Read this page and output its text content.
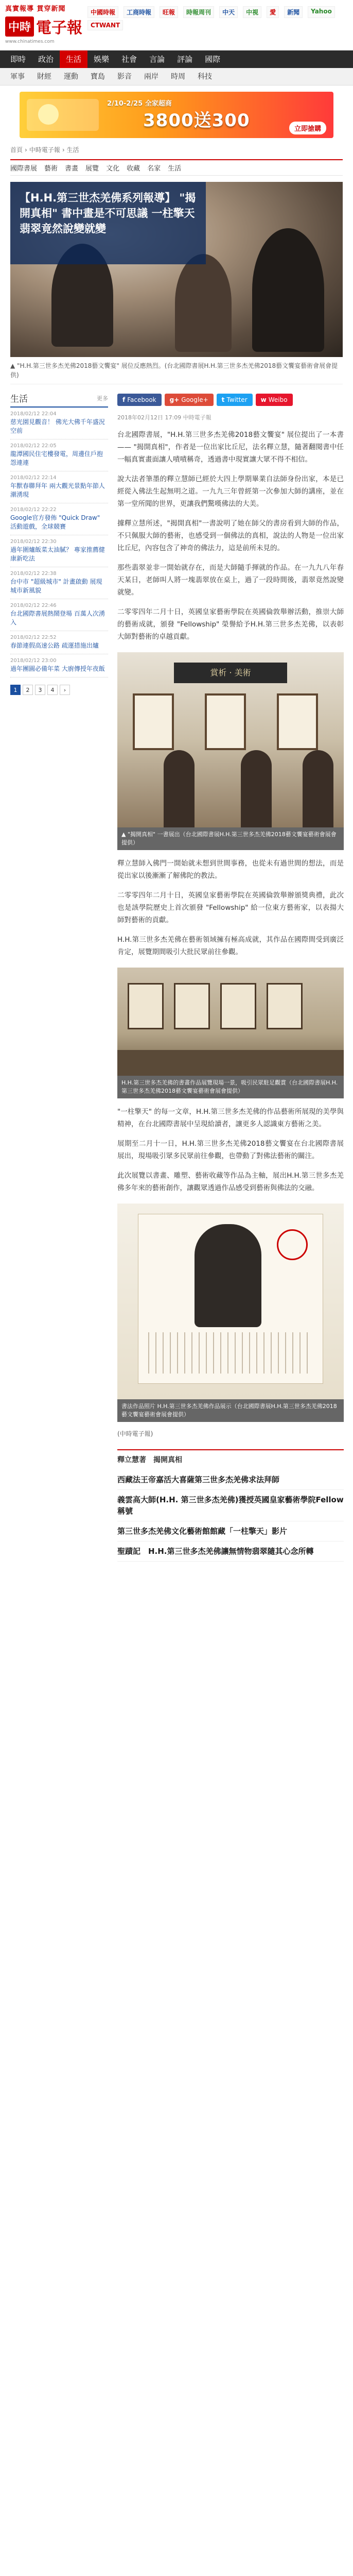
真實報導 貫穿新聞
中時 電子報
www.chinatimes.com
中國時報	工商時報	旺報	時報周刊	中天	中視	愛	新聞	Yahoo
CTWANT
即時	政治	生活	娛樂	社會	言論	評論	國際
軍事	財經	運動	寶島	影音	兩岸	時周	科技
2/10-2/25 全家超商
3800送300	立即搶購
首頁 › 中時電子報 › 生活
國際書展 藝術 書畫 展覽 文化 收藏 名家 生活
【H.H.第三世杰羌佛系列報導】 "揭開真相" 書中畫是不可思議 一柱擎天翡翠竟然說變就變
▲ "H.H.第三世多杰羌佛2018藝文饗宴" 展位反應熱烈。(台北國際書展H.H.第三世多杰羌佛2018藝文饗宴藝術會展會提供)
生活	更多
2018/02/12 22:04
慈光園見觀音！ 佛光大佛千年盛況空前
2018/02/12 22:05
龍潭國民住宅樓發電，周邊住戶抱怨連連
2018/02/12 22:14
年獸春聯拜年 兩大觀光景點年節人潮湧現
2018/02/12 22:22
Google官方發佈 "Quick Draw" 活動遊戲，全球競賽
2018/02/12 22:30
過年圍爐飯菜太油膩？ 專家推薦健康新吃法
2018/02/12 22:38
台中市 "超級城市" 計畫啟動 展現城市新風貌
2018/02/12 22:46
台北國際書展熱鬧登場 百萬人次湧入
2018/02/12 22:52
春節連假高速公路 疏運措施出爐
2018/02/12 23:00
過年團圓必備年菜 大廚傳授年夜飯
1	2	3	4	›
f Facebook g+ Google+ t Twitter w Weibo
2018年02月12日 17:09 中時電子報

台北國際書展，"H.H.第三世多杰羌佛2018藝文饗宴" 展位提出了一本書—— "揭開真相"，作者是一位出家比丘尼，法名釋立慧，隨著翻閱書中任一幅真實畫面讓人嘖嘖稱奇，透過書中現實讓大眾不得不相信。

說大法者筆墨的釋立慧師已經於大四上學期畢業自法師身份出家，本是已經從入佛法生起無明之道。一九九三年曾經第一次參加大師的講座，並在第一堂所聞的世界，更讓我們驚嘆佛法的大美。

據釋立慧所述，"揭開真相"一書說明了她在師父的書房看到大師的作品，不只佩服大師的藝術，也感受到一個佛法的真相，說法的人物是一位出家比丘尼，內容包含了神奇的佛法力，這是前所未見的。

那些翡翠並非一開始就存在，而是大師隨手揮就的作品。在一九九八年春天某日，老師叫人將一塊翡翠放在桌上，過了一段時間後，翡翠竟然說變就變。

二零零四年二月十日，英國皇家藝術學院在英國倫敦舉辦活動，推崇大師的藝術成就，頒發 "Fellowship" 榮譽給予H.H.第三世多杰羌佛，以表彰大師對藝術的卓越貢獻。

賞析 · 美術
▲ "揭開真相" 一書展出（台北國際書展H.H.第三世多杰羌佛2018藝文饗宴藝術會展會提供）

釋立慧師入佛門一開始就未想到世間事務，也從未有過世間的想法，而是從出家以後漸漸了解佛陀的教法。

二零零四年二月十日，英國皇家藝術學院在英國倫敦舉辦頒獎典禮，此次也是該學院歷史上首次頒發 "Fellowship" 給一位東方藝術家，以表揚大師對藝術的貢獻。

H.H.第三世多杰羌佛在藝術領域擁有極高成就，其作品在國際間受到廣泛肯定，展覽期間吸引大批民眾前往參觀。

H.H.第三世多杰羌佛的書畫作品展覽現場一景，吸引民眾駐足觀賞（台北國際書展H.H.第三世多杰羌佛2018藝文饗宴藝術會展會提供）

"一柱擎天" 的每一文章，H.H.第三世多杰羌佛的作品藝術所展現的美學與精神，在台北國際書展中呈現給讀者，讓更多人認識東方藝術之美。

展期至二月十一日，H.H.第三世多杰羌佛2018藝文饗宴在台北國際書展展出，現場吸引眾多民眾前往參觀，也帶動了對佛法藝術的關注。

此次展覽以書畫、雕塑、藝術收藏等作品為主軸，展出H.H.第三世多杰羌佛多年來的藝術創作，讓觀眾透過作品感受到藝術與佛法的交融。

書法作品照片 H.H.第三世多杰羌佛作品展示（台北國際書展H.H.第三世多杰羌佛2018藝文饗宴藝術會展會提供）
(中時電子報)
釋立慧著　揭開真相
西藏法王帝嘉活大喜薩第三世多杰羌佛求法拜師
義雲高大師(H.H. 第三世多杰羌佛)獲授英國皇家藝術學院Fellow稱號
第三世多杰羌佛文化藝術館館藏「一柱擎天」影片
聖蹟記　H.H.第三世多杰羌佛讓無情物翡翠隨其心念所轉
